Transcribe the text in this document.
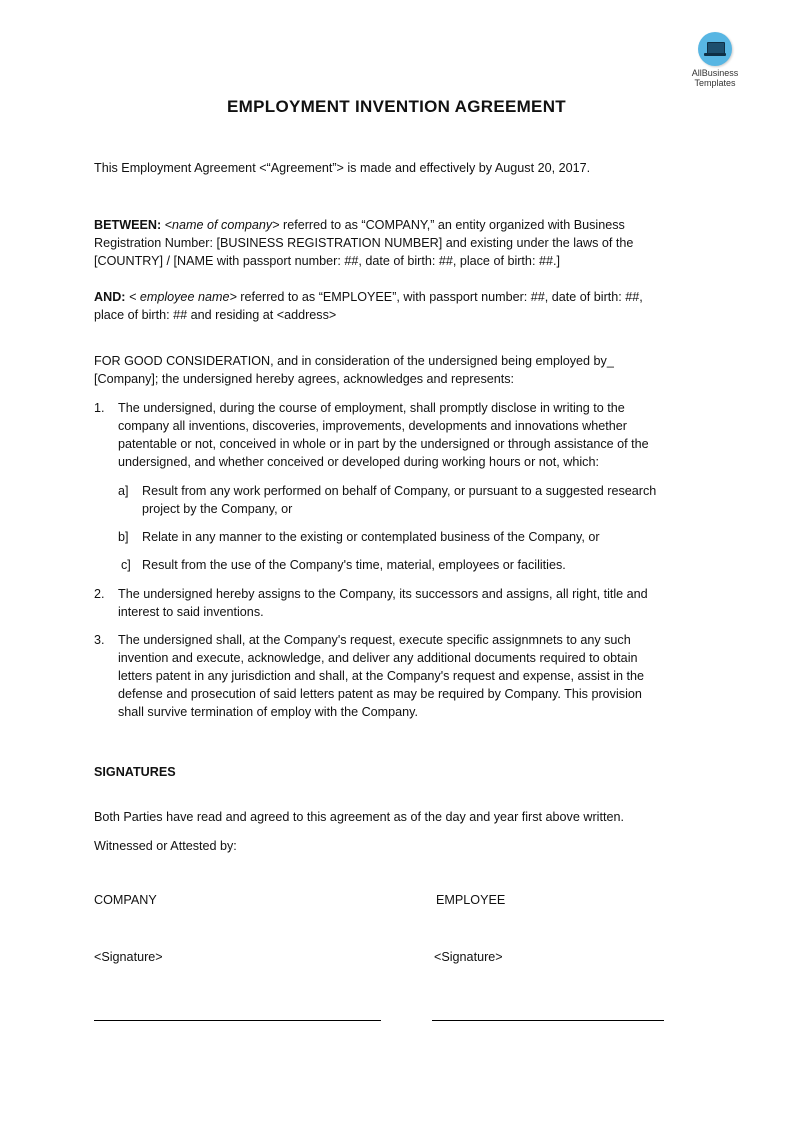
AllBusiness
Templates
EMPLOYMENT INVENTION AGREEMENT
This Employment Agreement <“Agreement”> is made and effectively by August 20, 2017.
BETWEEN: <name of company> referred to as “COMPANY,” an entity organized with Business
Registration Number: [BUSINESS REGISTRATION NUMBER] and existing under the laws of the
[COUNTRY] / [NAME with passport number: ##, date of birth: ##, place of birth: ##.]
AND: < employee name> referred to as “EMPLOYEE”, with passport number: ##, date of birth: ##,
place of birth: ## and residing at <address>
FOR GOOD CONSIDERATION, and in consideration of the undersigned being employed by_
[Company]; the undersigned hereby agrees, acknowledges and represents:
1. The undersigned, during the course of employment, shall promptly disclose in writing to the
company all inventions, discoveries, improvements, developments and innovations whether
patentable or not, conceived in whole or in part by the undersigned or through assistance of the
undersigned, and whether conceived or developed during working hours or not, which:
a] Result from any work performed on behalf of Company, or pursuant to a suggested research
project by the Company, or
b] Relate in any manner to the existing or contemplated business of the Company, or
c] Result from the use of the Company's time, material, employees or facilities.
2. The undersigned hereby assigns to the Company, its successors and assigns, all right, title and
interest to said inventions.
3. The undersigned shall, at the Company's request, execute specific assignmnets to any such
invention and execute, acknowledge, and deliver any additional documents required to obtain
letters patent in any jurisdiction and shall, at the Company's request and expense, assist in the
defense and prosecution of said letters patent as may be required by Company. This provision
shall survive termination of employ with the Company.
SIGNATURES
Both Parties have read and agreed to this agreement as of the day and year first above written.
Witnessed or Attested by:
COMPANY	EMPLOYEE
<Signature>	<Signature>
